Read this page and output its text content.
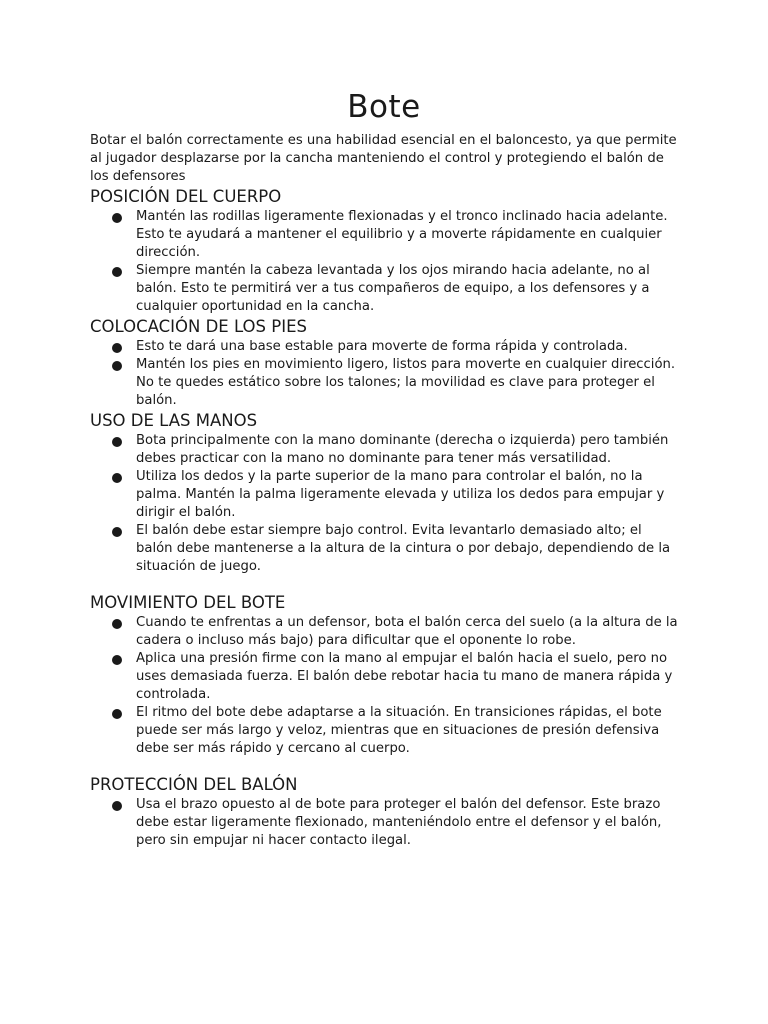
Bote

Botar el balón correctamente es una habilidad esencial en el baloncesto, ya que permite al jugador desplazarse por la cancha manteniendo el control y protegiendo el balón de los defensores

POSICIÓN DEL CUERPO
Mantén las rodillas ligeramente flexionadas y el tronco inclinado hacia adelante. Esto te ayudará a mantener el equilibrio y a moverte rápidamente en cualquier dirección.
Siempre mantén la cabeza levantada y los ojos mirando hacia adelante, no al balón. Esto te permitirá ver a tus compañeros de equipo, a los defensores y a cualquier oportunidad en la cancha.
COLOCACIÓN DE LOS PIES
Esto te dará una base estable para moverte de forma rápida y controlada.
Mantén los pies en movimiento ligero, listos para moverte en cualquier dirección. No te quedes estático sobre los talones; la movilidad es clave para proteger el balón.
USO DE LAS MANOS
Bota principalmente con la mano dominante (derecha o izquierda) pero también debes practicar con la mano no dominante para tener más versatilidad.
Utiliza los dedos y la parte superior de la mano para controlar el balón, no la palma. Mantén la palma ligeramente elevada y utiliza los dedos para empujar y dirigir el balón.
El balón debe estar siempre bajo control. Evita levantarlo demasiado alto; el balón debe mantenerse a la altura de la cintura o por debajo, dependiendo de la situación de juego.
MOVIMIENTO DEL BOTE
Cuando te enfrentas a un defensor, bota el balón cerca del suelo (a la altura de la cadera o incluso más bajo) para dificultar que el oponente lo robe.
Aplica una presión firme con la mano al empujar el balón hacia el suelo, pero no uses demasiada fuerza. El balón debe rebotar hacia tu mano de manera rápida y controlada.
El ritmo del bote debe adaptarse a la situación. En transiciones rápidas, el bote puede ser más largo y veloz, mientras que en situaciones de presión defensiva debe ser más rápido y cercano al cuerpo.
PROTECCIÓN DEL BALÓN
Usa el brazo opuesto al de bote para proteger el balón del defensor. Este brazo debe estar ligeramente flexionado, manteniéndolo entre el defensor y el balón, pero sin empujar ni hacer contacto ilegal.
